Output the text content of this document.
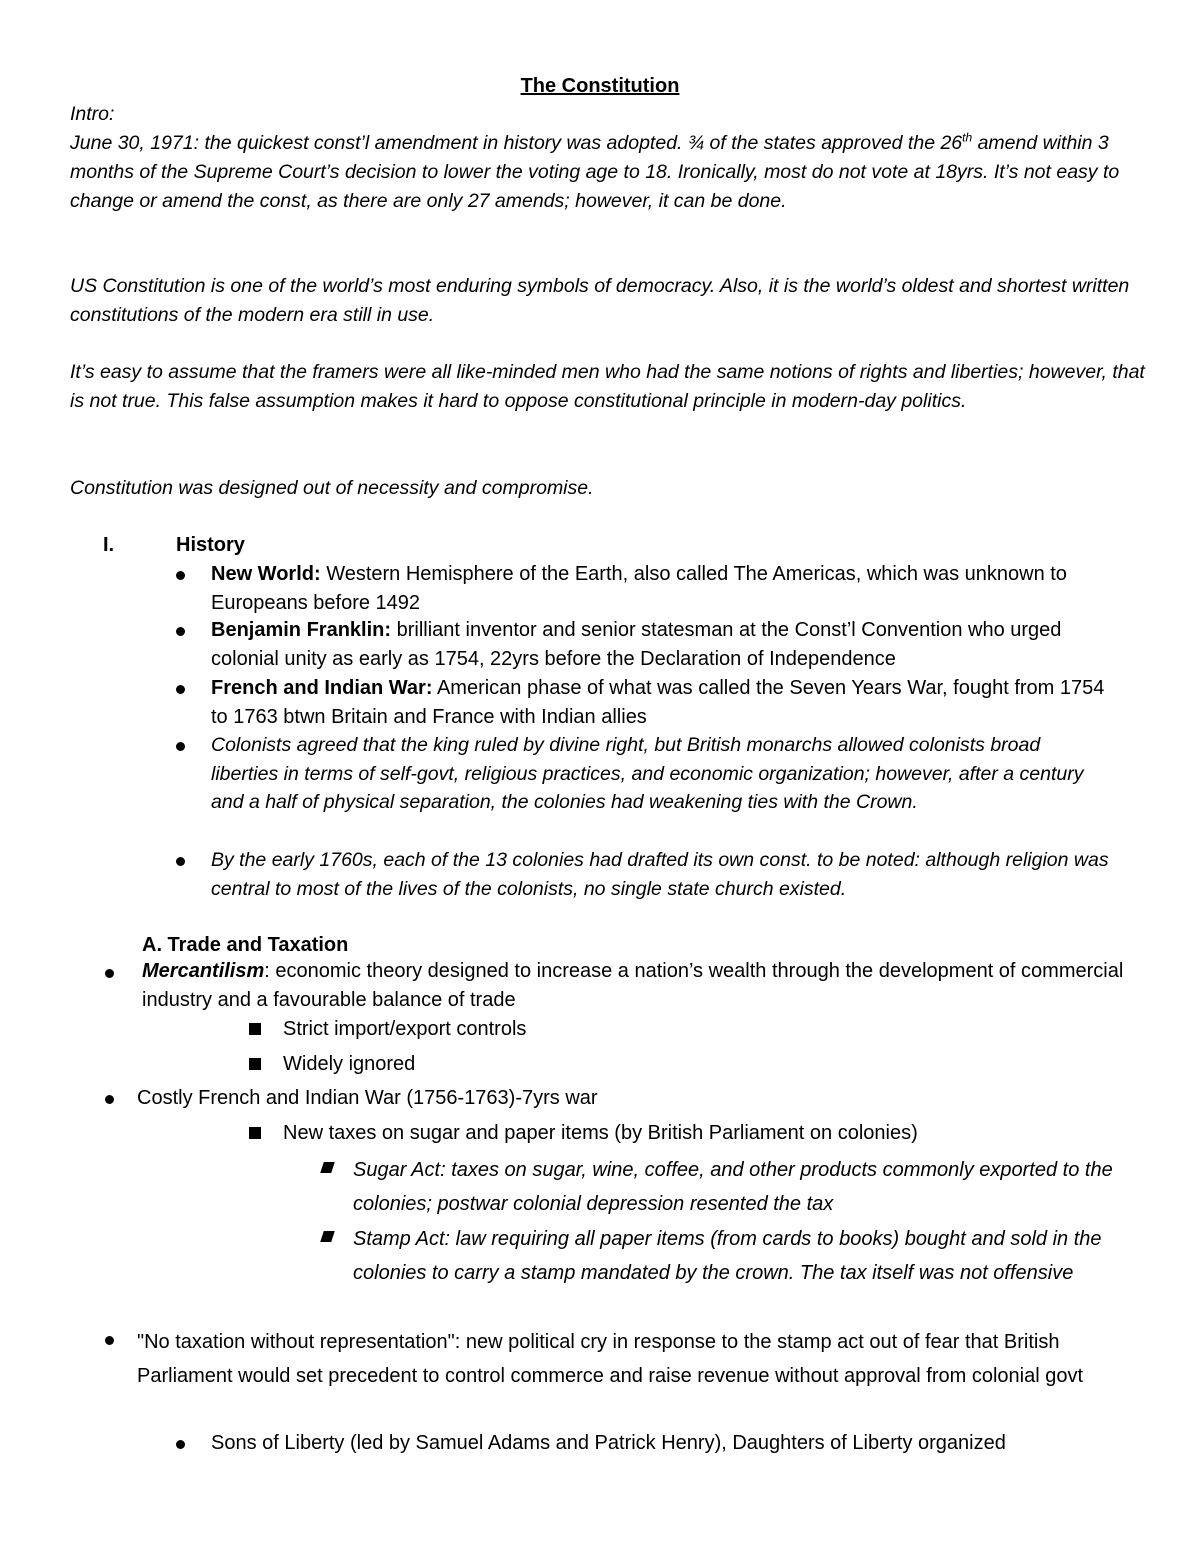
The Constitution
Intro:

June 30, 1971: the quickest const’l amendment in history was adopted. ¾ of the states approved the 26th amend within 3 months of the Supreme Court’s decision to lower the voting age to 18. Ironically, most do not vote at 18yrs. It’s not easy to change or amend the const, as there are only 27 amends; however, it can be done.

US Constitution is one of the world’s most enduring symbols of democracy. Also, it is the world’s oldest and shortest written constitutions of the modern era still in use.

It’s easy to assume that the framers were all like-minded men who had the same notions of rights and liberties; however, that is not true. This false assumption makes it hard to oppose constitutional principle in modern-day politics.

Constitution was designed out of necessity and compromise.

I.	History

New World: Western Hemisphere of the Earth, also called The Americas, which was unknown to Europeans before 1492

Benjamin Franklin: brilliant inventor and senior statesman at the Const’l Convention who urged colonial unity as early as 1754, 22yrs before the Declaration of Independence

French and Indian War: American phase of what was called the Seven Years War, fought from 1754 to 1763 btwn Britain and France with Indian allies

Colonists agreed that the king ruled by divine right, but British monarchs allowed colonists broad liberties in terms of self-govt, religious practices, and economic organization; however, after a century and a half of physical separation, the colonies had weakening ties with the Crown.

By the early 1760s, each of the 13 colonies had drafted its own const. to be noted: although religion was central to most of the lives of the colonists, no single state church existed.

A. Trade and Taxation

Mercantilism: economic theory designed to increase a nation’s wealth through the development of commercial industry and a favourable balance of trade

Strict import/export controls
Widely ignored
Costly French and Indian War (1756-1763)-7yrs war
New taxes on sugar and paper items (by British Parliament on colonies)

Sugar Act: taxes on sugar, wine, coffee, and other products commonly exported to the colonies; postwar colonial depression resented the tax

Stamp Act: law requiring all paper items (from cards to books) bought and sold in the colonies to carry a stamp mandated by the crown. The tax itself was not offensive

"No taxation without representation": new political cry in response to the stamp act out of fear that British Parliament would set precedent to control commerce and raise revenue without approval from colonial govt

Sons of Liberty (led by Samuel Adams and Patrick Henry), Daughters of Liberty organized
